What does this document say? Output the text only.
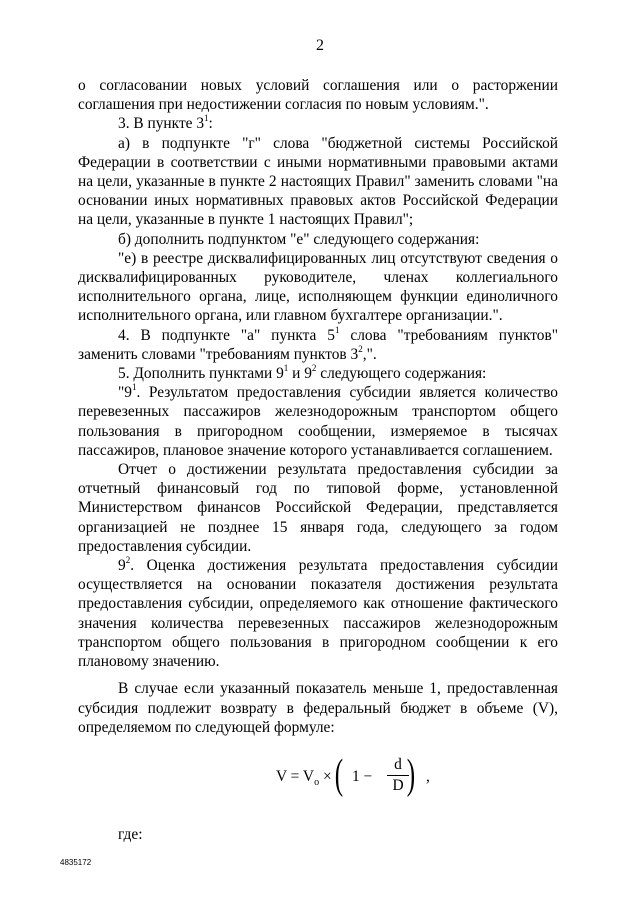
2

о согласовании новых условий соглашения или о расторжении соглашения при недостижении согласия по новым условиям.".

3. В пункте $3^1$:

а) в подпункте "г" слова "бюджетной системы Российской Федерации в соответствии с иными нормативными правовыми актами на цели, указанные в пункте 2 настоящих Правил" заменить словами "на основании иных нормативных правовых актов Российской Федерации на цели, указанные в пункте 1 настоящих Правил";

б) дополнить подпунктом "е" следующего содержания:

"е) в реестре дисквалифицированных лиц отсутствуют сведения о дисквалифицированных руководителе, членах коллегиального исполнительного органа, лице, исполняющем функции единоличного исполнительного органа, или главном бухгалтере организации.".

4. В подпункте "а" пункта $5^1$ слова "требованиям пунктов" заменить словами "требованиям пунктов $3^2$,".

5. Дополнить пунктами $9^1$ и $9^2$ следующего содержания:

"$9^1$. Результатом предоставления субсидии является количество перевезенных пассажиров железнодорожным транспортом общего пользования в пригородном сообщении, измеряемое в тысячах пассажиров, плановое значение которого устанавливается соглашением.

Отчет о достижении результата предоставления субсидии за отчетный финансовый год по типовой форме, установленной Министерством финансов Российской Федерации, представляется организацией не позднее 15 января года, следующего за годом предоставления субсидии.

$9^2$. Оценка достижения результата предоставления субсидии осуществляется на основании показателя достижения результата предоставления субсидии, определяемого как отношение фактического значения количества перевезенных пассажиров железнодорожным транспортом общего пользования в пригородном сообщении к его плановому значению.

В случае если указанный показатель меньше 1, предоставленная субсидия подлежит возврату в федеральный бюджет в объеме (V), определяемом по следующей формуле:

$V = V_o$ × ( 1 −
d
D ) ,
где:
4835172
